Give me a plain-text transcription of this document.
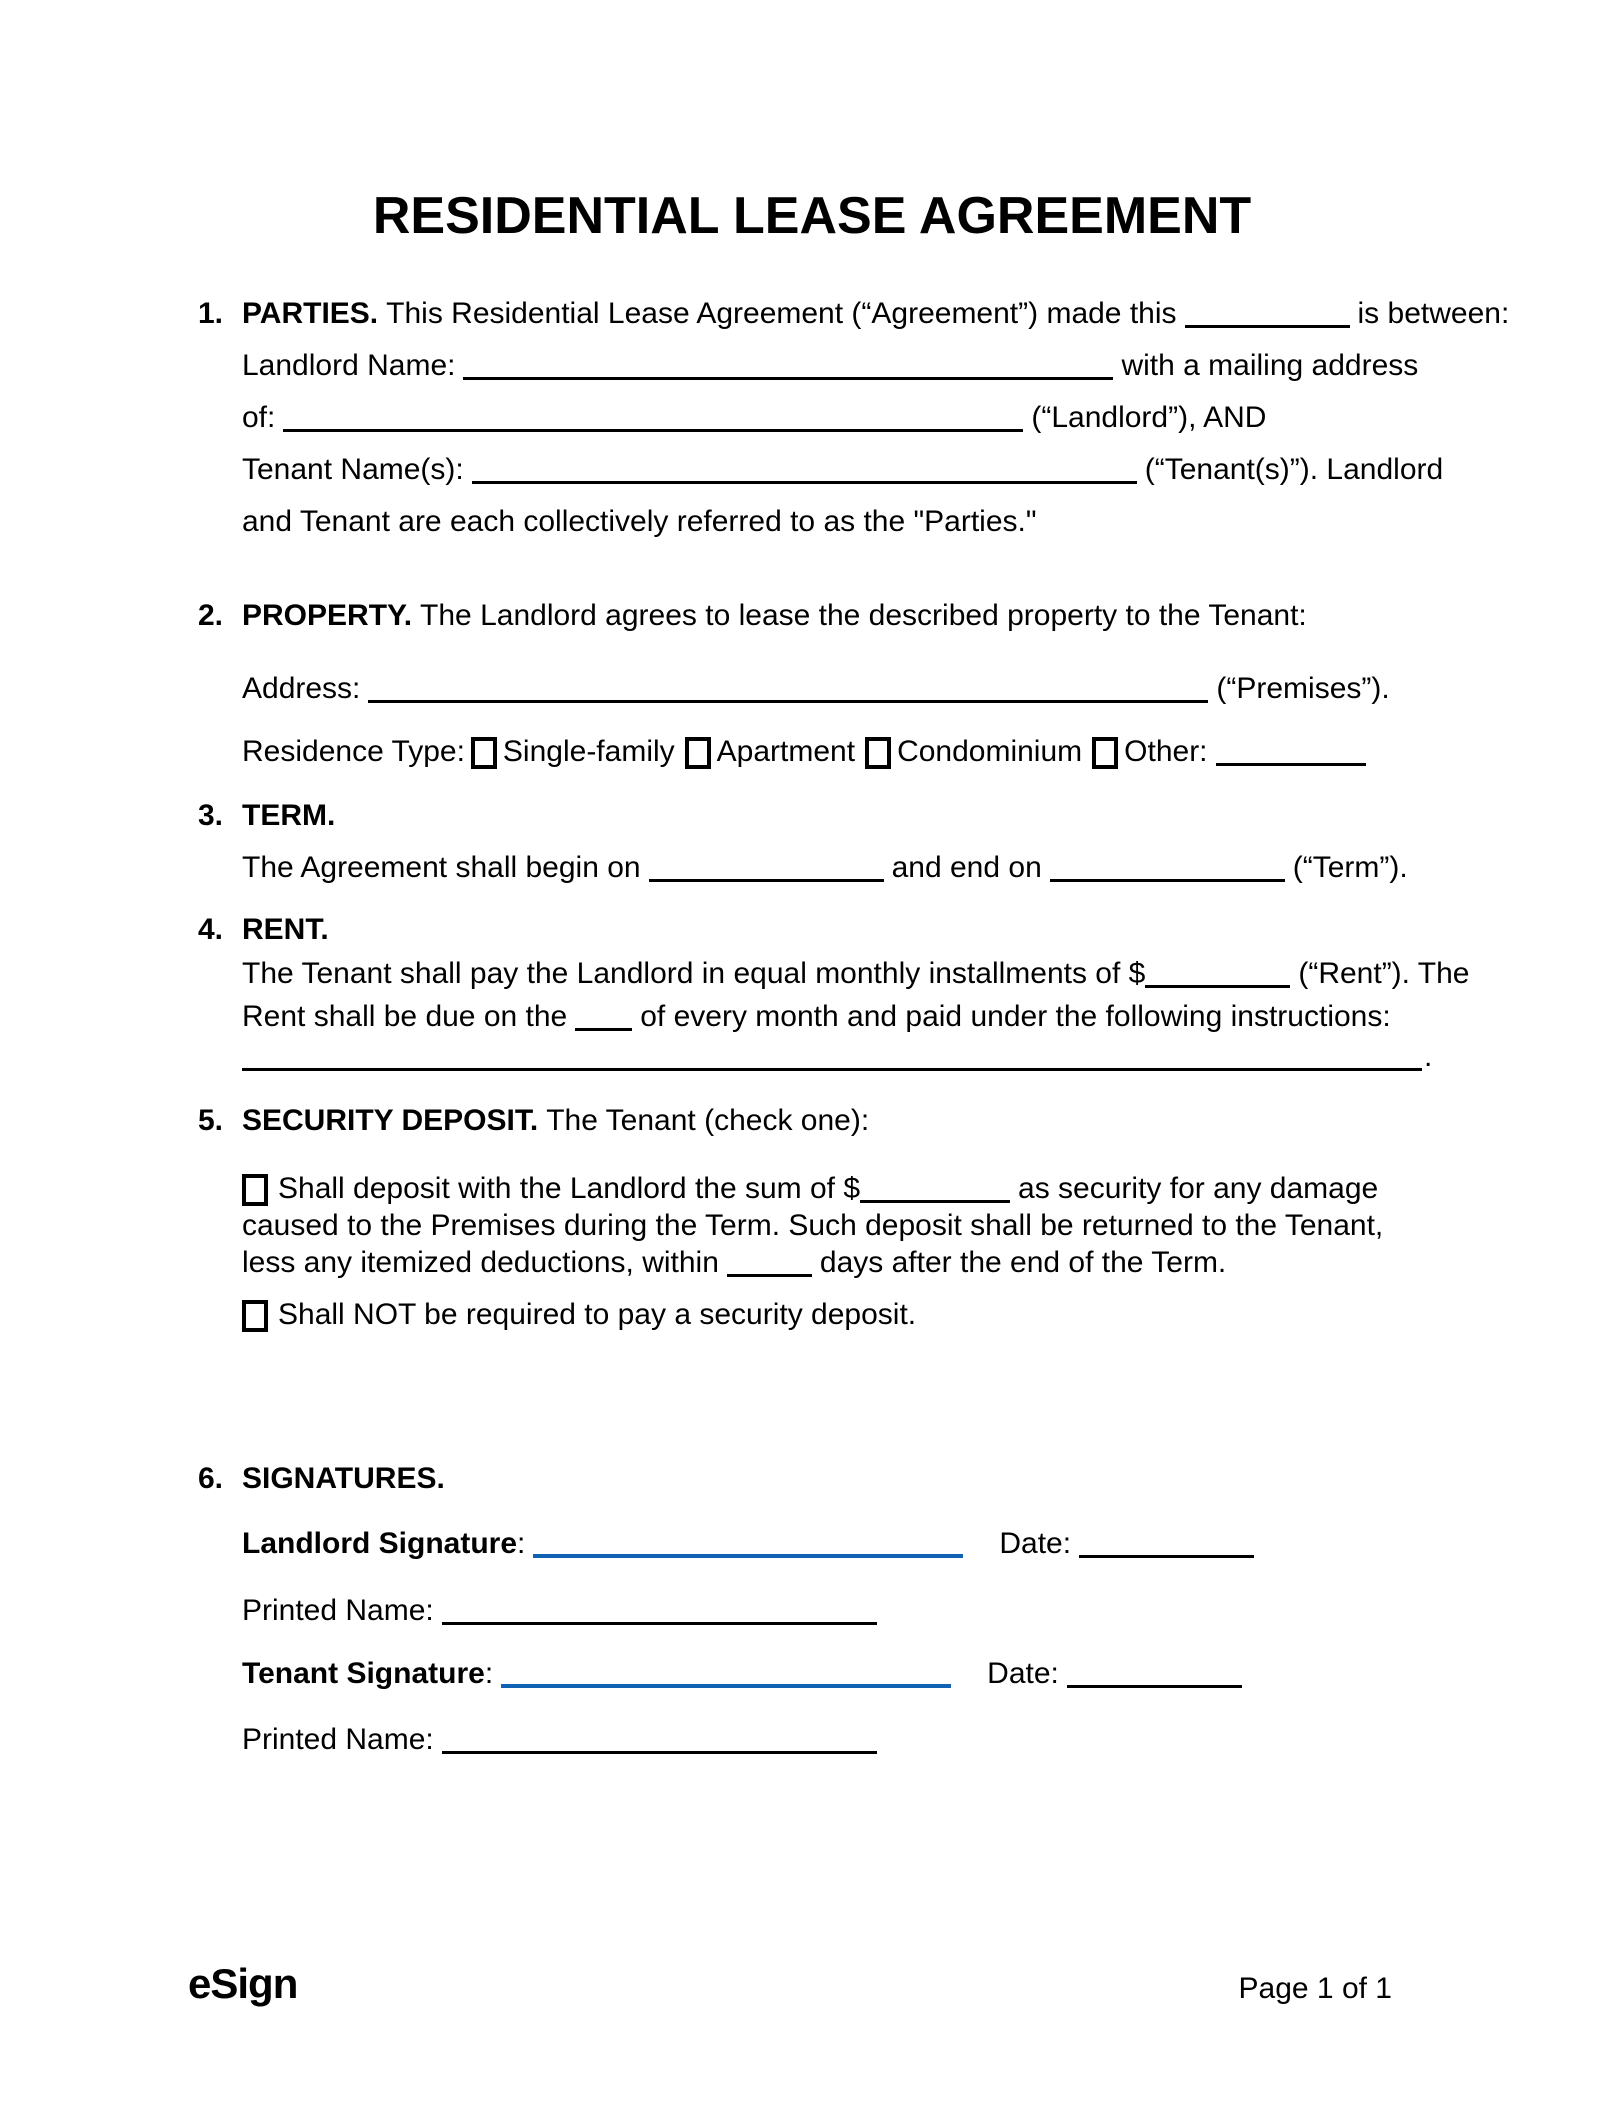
RESIDENTIAL LEASE AGREEMENT
1. PARTIES. This Residential Lease Agreement (“Agreement”) made this	is between:
Landlord Name:	with a mailing address
of:	(“Landlord”), AND
Tenant Name(s):	(“Tenant(s)”). Landlord
and Tenant are each collectively referred to as the "Parties."
2. PROPERTY. The Landlord agrees to lease the described property to the Tenant:
Address:	(“Premises”).
Residence Type: Single-family Apartment Condominium Other:
3. TERM.
The Agreement shall begin on	and end on	(“Term”).
4. RENT.
The Tenant shall pay the Landlord in equal monthly installments of $	(“Rent”). The
Rent shall be due on the of every month and paid under the following instructions:
.
5. SECURITY DEPOSIT. The Tenant (check one):
Shall deposit with the Landlord the sum of $	as security for any damage caused to the Premises during the Term. Such deposit shall be returned to the Tenant, less any itemized deductions, within	days after the end of the Term.
Shall NOT be required to pay a security deposit.
6. SIGNATURES.
Landlord Signature:	Date:
Printed Name:
Tenant Signature:	Date:
Printed Name:
eSign	Page 1 of 1
